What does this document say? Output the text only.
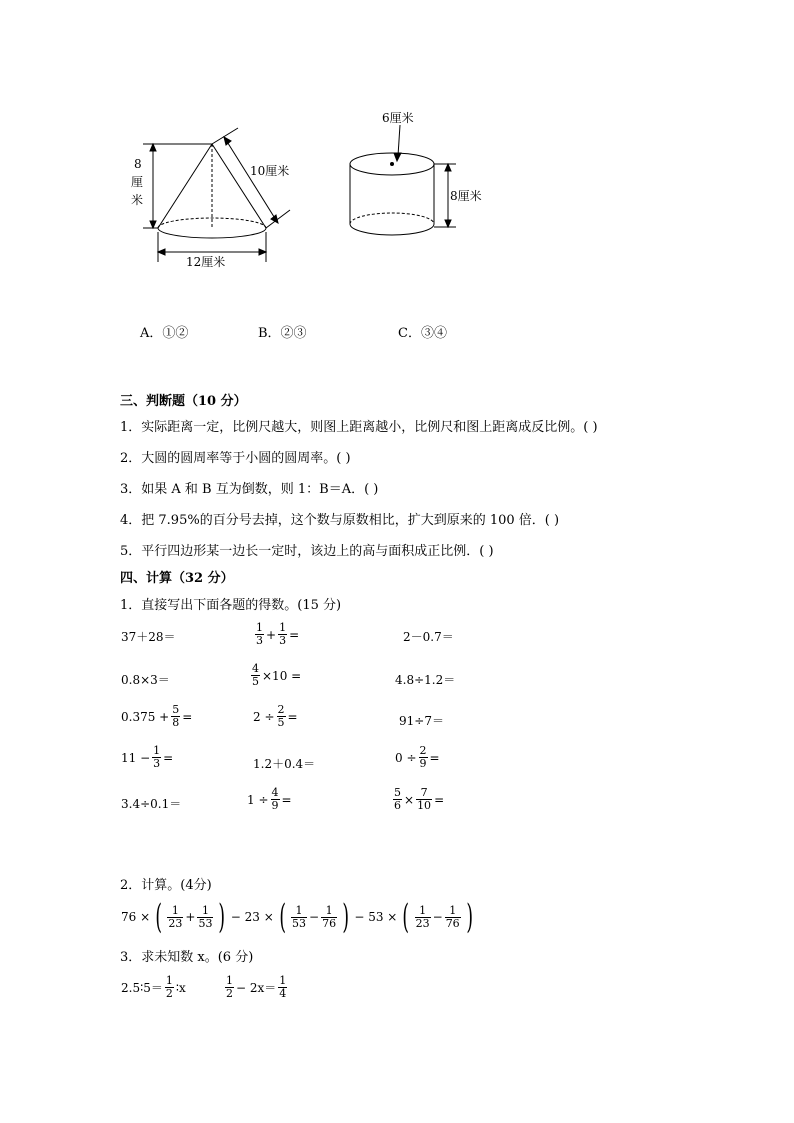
8
厘
米
10厘米
12厘米
6厘米
8厘米
A．①②	B．②③	C．③④
三、判断题（10 分）
1．实际距离一定，比例尺越大，则图上距离越小，比例尺和图上距离成反比例。( )
2．大圆的圆周率等于小圆的圆周率。( )
3．如果 A 和 B 互为倒数，则 1：B＝A．( )
4．把 7.95%的百分号去掉，这个数与原数相比，扩大到原来的 100 倍．( )
5．平行四边形某一边长一定时，该边上的高与面积成正比例．( )
四、计算（32 分）
1．直接写出下面各题的得数。(15 分)
37＋28＝	$\frac{1}{3} + \frac{1}{3}$ =	2－0.7＝
0.8×3＝	$\frac{4}{5} \times 10$ =	4.8÷1.2＝
$0.375 + \frac{5}{8}$ =	$2 \div \frac{2}{5}$ =	91÷7＝
$11 - \frac{1}{3}$ =	1.2＋0.4＝	$0 \div \frac{2}{9}$ =
3.4÷0.1＝	$1 \div \frac{4}{9}$ =	$\frac{5}{6} \times \frac{7}{10}$ =
2．计算。(4分)
76 × ( $\frac{1}{23} + \frac{1}{53}$ ) − 23 × ( $\frac{1}{53} - \frac{1}{76}$ ) − 53 × ( $\frac{1}{23} - \frac{1}{76}$ )
3．求未知数 x。(6 分)
2.5∶5＝ $\frac{1}{2}$ ∶x	$\frac{1}{2} - 2x= \frac{1}{4}$
